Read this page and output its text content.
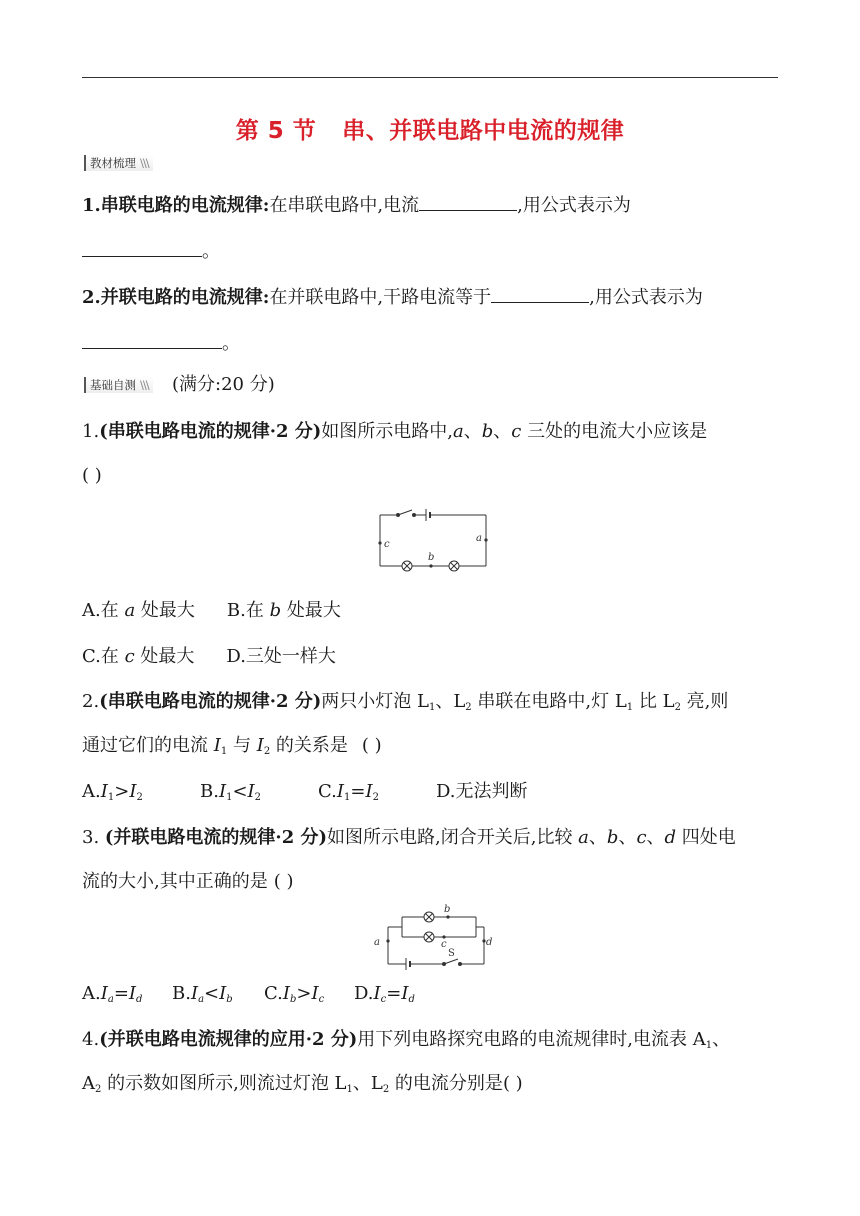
第 5 节 串、并联电路中电流的规律
教材梳理 \\\
1.串联电路的电流规律:在串联电路中,电流	,用公式表示为
。
2.并联电路的电流规律:在并联电路中,干路电流等于	,用公式表示为
。
基础自测 \\\ (满分:20 分)
1.(串联电路电流的规律·2 分)如图所示电路中,a、b、c 三处的电流大小应该是
( )
c
a
b
A.在 a 处最大 B.在 b 处最大
C.在 c 处最大 D.三处一样大
2.(串联电路电流的规律·2 分)两只小灯泡 $L_1$、$L_2$ 串联在电路中,灯 $L_1$ 比 $L_2$ 亮,则
通过它们的电流 $I_1$ 与 $I_2$ 的关系是 ( )
$A.I_1>I_2$	$B.I_1<I_2$	$C.I_1=I_2$	D.无法判断
3. (并联电路电流的规律·2 分)如图所示电路,闭合开关后,比较 a、b、c、d 四处电
流的大小,其中正确的是 ( )
b
c
a	d
S
$A.I_a=I_d$ $B.I_a<I_b$ $C.I_b>I_c$ $D.I_c=I_d$
4.(并联电路电流规律的应用·2 分)用下列电路探究电路的电流规律时,电流表 $A_1$、
$A_2$ 的示数如图所示,则流过灯泡 $L_1$、$L_2$ 的电流分别是( )
